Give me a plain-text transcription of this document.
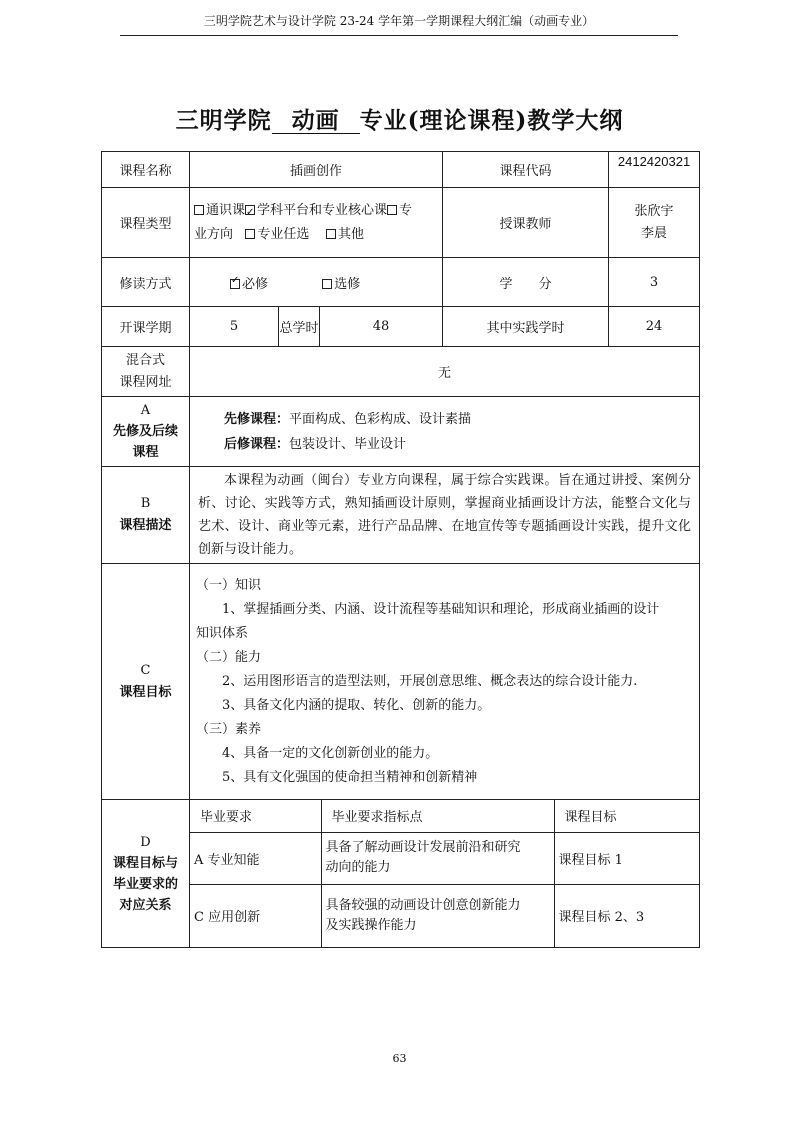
三明学院艺术与设计学院 23-24 学年第一学期课程大纲汇编（动画专业）
三明学院 动画 专业(理论课程)教学大纲
课程名称	插画创作	课程代码	2412420321
课程类型	通识课✓ 学科平台和专业核心课 专
业方向 专业任选 其他	授课教师	
张欣宇
李晨

修读方式	✓必修	选修	学　　分	3
开课学期	5	总学时	48	其中实践学时	24

混合式
课程网址
	无

A
先修及后续
课程

先修课程：平面构成、色彩构成、设计素描
后修课程：包装设计、毕业设计

B
课程描述

本课程为动画（闽台）专业方向课程，属于综合实践课。旨在通过讲授、案例分析、讨论、实践等方式，熟知插画设计原则，掌握商业插画设计方法，能整合文化与艺术、设计、商业等元素，进行产品品牌、在地宣传等专题插画设计实践，提升文化创新与设计能力。

C
课程目标

（一）知识
1、掌握插画分类、内涵、设计流程等基础知识和理论，形成商业插画的设计
知识体系
（二）能力
2、运用图形语言的造型法则，开展创意思维、概念表达的综合设计能力.
3、具备文化内涵的提取、转化、创新的能力。
（三）素养
4、具备一定的文化创新创业的能力。
5、具有文化强国的使命担当精神和创新精神

D
课程目标与
毕业要求的
对应关系

毕业要求	毕业要求指标点	课程目标
A 专业知能	
具备了解动画设计发展前沿和研究
动向的能力	课程目标 1
C 应用创新	
具备较强的动画设计创意创新能力
及实践操作能力	课程目标 2、3
63
